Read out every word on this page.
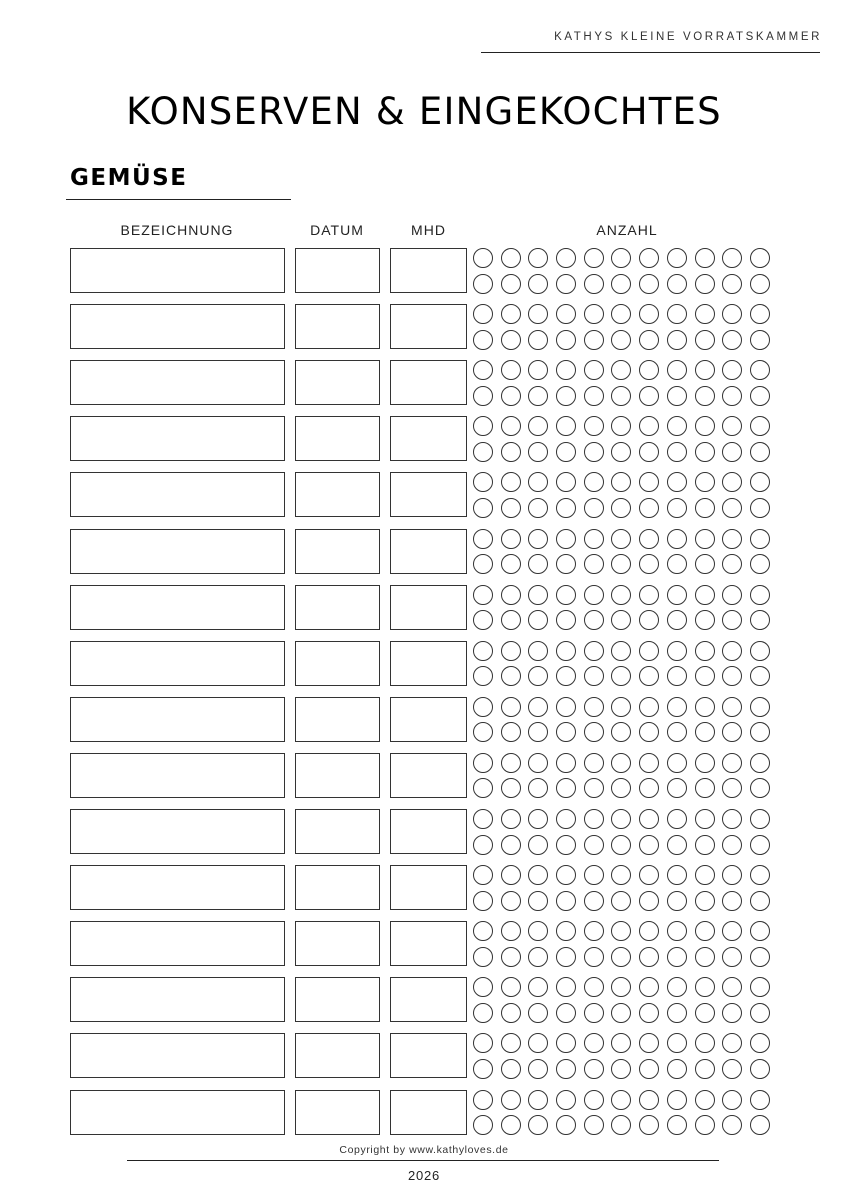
KATHYS KLEINE VORRATSKAMMER
KONSERVEN & EINGEKOCHTES
GEMÜSE
BEZEICHNUNG	DATUM	MHD	ANZAHL
Copyright by www.kathyloves.de
2026
